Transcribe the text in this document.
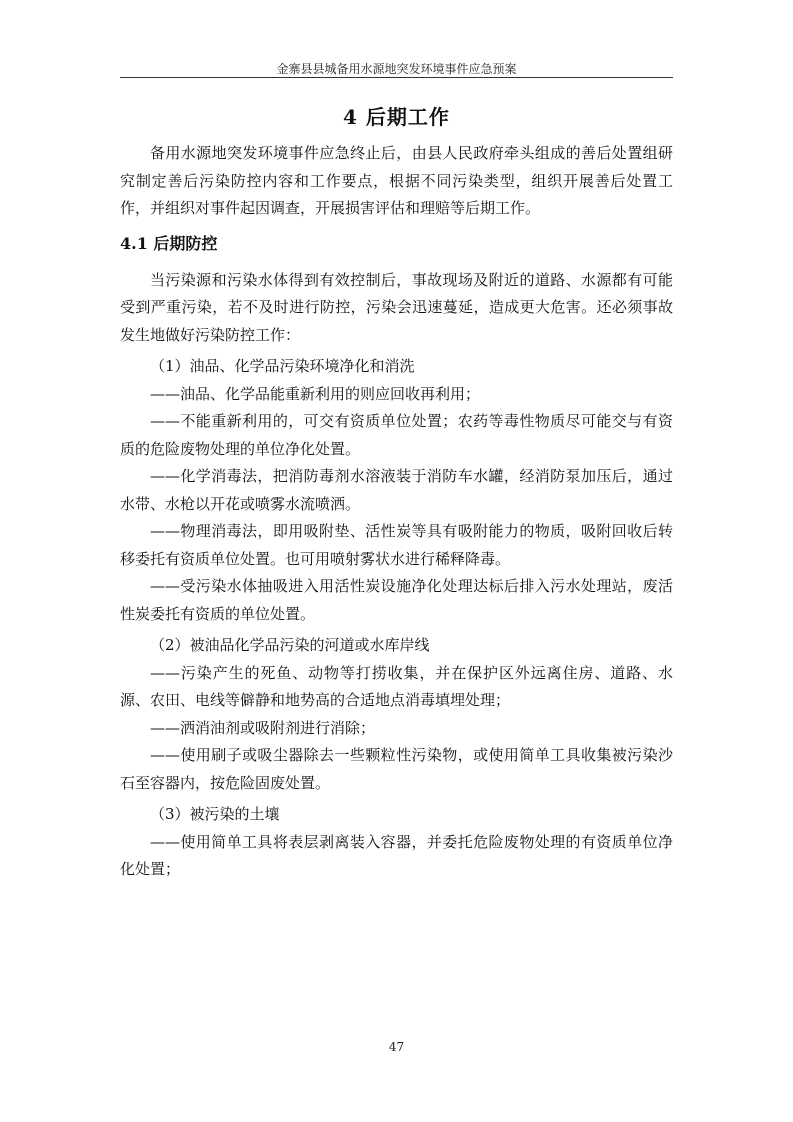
金寨县县城备用水源地突发环境事件应急预案
4 后期工作

备用水源地突发环境事件应急终止后，由县人民政府牵头组成的善后处置组研究制定善后污染防控内容和工作要点，根据不同污染类型，组织开展善后处置工作，并组织对事件起因调查，开展损害评估和理赔等后期工作。

4.1 后期防控

当污染源和污染水体得到有效控制后，事故现场及附近的道路、水源都有可能受到严重污染，若不及时进行防控，污染会迅速蔓延，造成更大危害。还必须事故发生地做好污染防控工作：

（1）油品、化学品污染环境净化和消洗

——油品、化学品能重新利用的则应回收再利用；

——不能重新利用的，可交有资质单位处置；农药等毒性物质尽可能交与有资质的危险废物处理的单位净化处置。

——化学消毒法，把消防毒剂水溶液装于消防车水罐，经消防泵加压后，通过水带、水枪以开花或喷雾水流喷洒。

——物理消毒法，即用吸附垫、活性炭等具有吸附能力的物质，吸附回收后转移委托有资质单位处置。也可用喷射雾状水进行稀释降毒。

——受污染水体抽吸进入用活性炭设施净化处理达标后排入污水处理站，废活性炭委托有资质的单位处置。

（2）被油品化学品污染的河道或水库岸线

——污染产生的死鱼、动物等打捞收集，并在保护区外远离住房、道路、水源、农田、电线等僻静和地势高的合适地点消毒填埋处理；

——洒消油剂或吸附剂进行消除；

——使用刷子或吸尘器除去一些颗粒性污染物，或使用简单工具收集被污染沙石至容器内，按危险固废处置。

（3）被污染的土壤

——使用简单工具将表层剥离装入容器，并委托危险废物处理的有资质单位净化处置；

47
